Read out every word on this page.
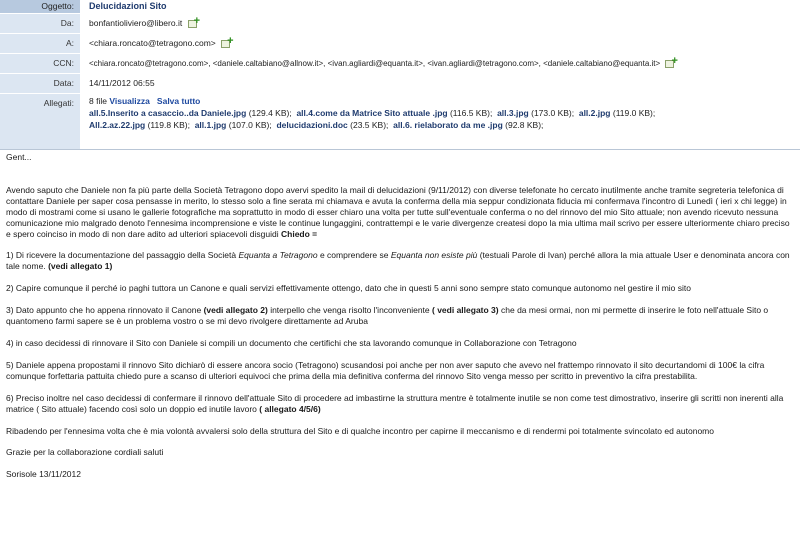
Oggetto:	Delucidazioni Sito
Da:	bonfantioliviero@libero.it +
A:	<chiara.roncato@tetragono.com> +
CCN:	<chiara.roncato@tetragono.com>, <daniele.caltabiano@allnow.it>, <ivan.agliardi@equanta.it>, <ivan.agliardi@tetragono.com>, <daniele.caltabiano@equanta.it> +
Data:	14/11/2012 06:55
Allegati:	8 file Visualizza Salva tutto
all.5.Inserito a casaccio..da Daniele.jpg (129.4 KB); all.4.come da Matrice Sito attuale .jpg (116.5 KB); all.3.jpg (173.0 KB); all.2.jpg (119.0 KB);
All.2.az.22.jpg (119.8 KB); all.1.jpg (107.0 KB); delucidazioni.doc (23.5 KB); all.6. rielaborato da me .jpg (92.8 KB);

Gent...

Avendo saputo che Daniele non fa più parte della Società Tetragono dopo avervi spedito la mail di delucidazioni (9/11/2012) con diverse telefonate ho cercato inutilmente anche tramite segreteria telefonica di contattare Daniele per saper cosa pensasse in merito, lo stesso solo a fine serata mi chiamava e avuta la conferma della mia seppur condizionata fiducia mi confermava l'incontro di Lunedì ( ieri x chi legge) in modo di mostrami come si usano le gallerie fotografiche ma soprattutto in modo di esser chiaro una volta per tutte sull'eventuale conferma o no del rinnovo del mio Sito attuale; non avendo ricevuto nessuna comunicazione mio malgrado denoto l'ennesima incomprensione e viste le continue lungaggini, contrattempi e le varie divergenze createsi dopo la mia ultima mail scrivo per essere ulteriormente chiaro preciso e spero coinciso in modo di non dare adito ad ulteriori spiacevoli disguidi Chiedo =

1) Di ricevere la documentazione del passaggio della Società Equanta a Tetragono e comprendere se Equanta non esiste più (testuali Parole di Ivan) perché allora la mia attuale User e denominata ancora con tale nome. (vedi allegato 1)

2) Capire comunque il perché io paghi tuttora un Canone e quali servizi effettivamente ottengo, dato che in questi 5 anni sono sempre stato comunque autonomo nel gestire il mio sito

3) Dato appunto che ho appena rinnovato il Canone (vedi allegato 2) interpello che venga risolto l'inconveniente ( vedi allegato 3) che da mesi ormai, non mi permette di inserire le foto nell'attuale Sito o quantomeno farmi sapere se è un problema vostro o se mi devo rivolgere direttamente ad Aruba

4) in caso decidessi di rinnovare il Sito con Daniele si compili un documento che certifichi che sta lavorando comunque in Collaborazione con Tetragono

5) Daniele appena propostami il rinnovo Sito dichiarò di essere ancora socio (Tetragono) scusandosi poi anche per non aver saputo che avevo nel frattempo rinnovato il sito decurtandomi di 100€ la cifra comunque forfettaria pattuita chiedo pure a scanso di ulteriori equivoci che prima della mia definitiva conferma del rinnovo Sito venga messo per scritto in preventivo la cifra prestabilita.

6) Preciso inoltre nel caso decidessi di confermare il rinnovo dell'attuale Sito di procedere ad imbastirne la struttura mentre è totalmente inutile se non come test dimostrativo, inserire gli scritti non inerenti alla matrice ( Sito attuale) facendo così solo un doppio ed inutile lavoro ( allegato 4/5/6)

Ribadendo per l'ennesima volta che è mia volontà avvalersi solo della struttura del Sito e di qualche incontro per capirne il meccanismo e di rendermi poi totalmente svincolato ed autonomo

Grazie per la collaborazione cordiali saluti

Sorisole 13/11/2012
